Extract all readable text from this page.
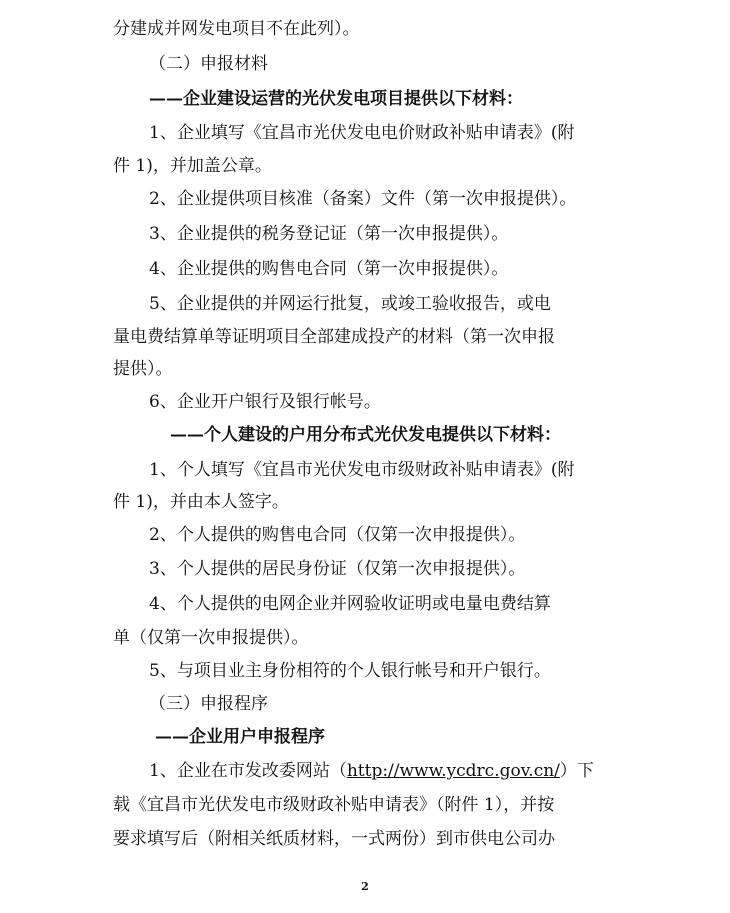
分建成并网发电项目不在此列）。
（二）申报材料
——企业建设运营的光伏发电项目提供以下材料：
1、企业填写《宜昌市光伏发电电价财政补贴申请表》(附
件 1)，并加盖公章。
2、企业提供项目核准（备案）文件（第一次申报提供）。
3、企业提供的税务登记证（第一次申报提供）。
4、企业提供的购售电合同（第一次申报提供）。
5、企业提供的并网运行批复，或竣工验收报告，或电
量电费结算单等证明项目全部建成投产的材料（第一次申报
提供）。
6、企业开户银行及银行帐号。
——个人建设的户用分布式光伏发电提供以下材料：
1、个人填写《宜昌市光伏发电市级财政补贴申请表》(附
件 1)，并由本人签字。
2、个人提供的购售电合同（仅第一次申报提供）。
3、个人提供的居民身份证（仅第一次申报提供）。
4、个人提供的电网企业并网验收证明或电量电费结算
单（仅第一次申报提供）。
5、与项目业主身份相符的个人银行帐号和开户银行。
（三）申报程序
——企业用户申报程序
1、企业在市发改委网站（http://www.ycdrc.gov.cn/）下
载《宜昌市光伏发电市级财政补贴申请表》（附件 1），并按
要求填写后（附相关纸质材料，一式两份）到市供电公司办
2
